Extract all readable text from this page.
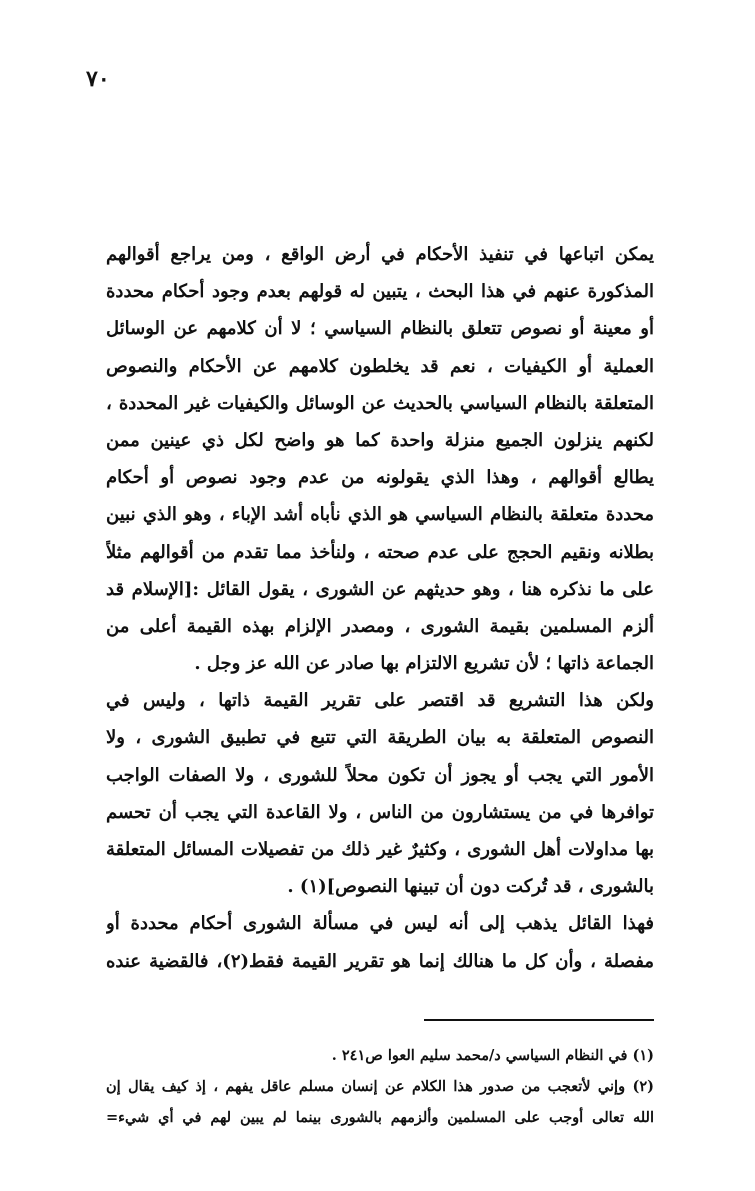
٧٠
يمكن اتباعها في تنفيذ الأحكام في أرض الواقع ، ومن يراجع أقوالهم
المذكورة عنهم في هذا البحث ، يتبين له قولهم بعدم وجود أحكام محددة
أو معينة أو نصوص تتعلق بالنظام السياسي ؛ لا أن كلامهم عن الوسائل
العملية أو الكيفيات ، نعم قد يخلطون كلامهم عن الأحكام والنصوص
المتعلقة بالنظام السياسي بالحديث عن الوسائل والكيفيات غير المحددة ،
لكنهم ينزلون الجميع منزلة واحدة كما هو واضح لكل ذي عينين ممن
يطالع أقوالهم ، وهذا الذي يقولونه من عدم وجود نصوص أو أحكام
محددة متعلقة بالنظام السياسي هو الذي نأباه أشد الإباء ، وهو الذي نبين
بطلانه ونقيم الحجج على عدم صحته ، ولنأخذ مما تقدم من أقوالهم مثلاً
على ما نذكره هنا ، وهو حديثهم عن الشورى ، يقول القائل :[الإسلام قد
ألزم المسلمين بقيمة الشورى ، ومصدر الإلزام بهذه القيمة أعلى من
الجماعة ذاتها ؛ لأن تشريع الالتزام بها صادر عن الله عز وجل .
ولكن هذا التشريع قد اقتصر على تقرير القيمة ذاتها ، وليس في
النصوص المتعلقة به بيان الطريقة التي تتبع في تطبيق الشورى ، ولا
الأمور التي يجب أو يجوز أن تكون محلاً للشورى ، ولا الصفات الواجب
توافرها في من يستشارون من الناس ، ولا القاعدة التي يجب أن تحسم
بها مداولات أهل الشورى ، وكثيرٌ غير ذلك من تفصيلات المسائل المتعلقة
بالشورى ، قد تُركت دون أن تبينها النصوص](١) .
فهذا القائل يذهب إلى أنه ليس في مسألة الشورى أحكام محددة أو
مفصلة ، وأن كل ما هنالك إنما هو تقرير القيمة فقط(٢)، فالقضية عنده
(١) في النظام السياسي د/محمد سليم العوا ص٢٤١ .
(٢) وإني لأتعجب من صدور هذا الكلام عن إنسان مسلم عاقل يفهم ، إذ كيف يقال إن
الله تعالى أوجب على المسلمين وألزمهم بالشورى بينما لم يبين لهم في أي شيء=
